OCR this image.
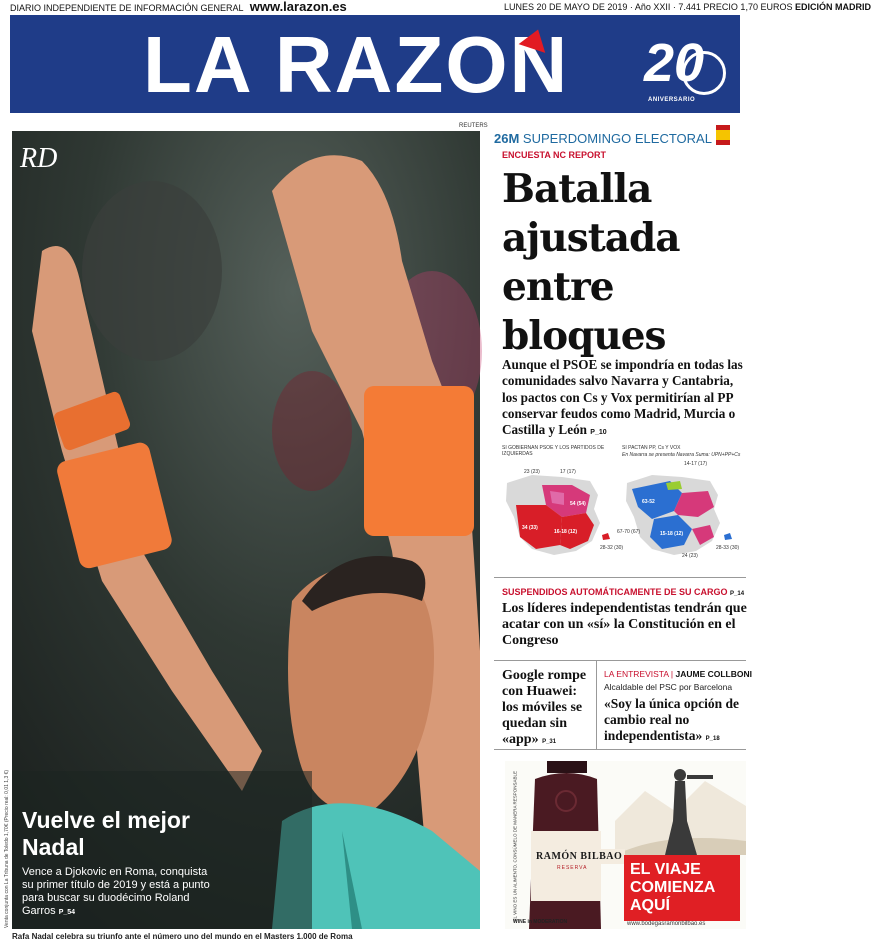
DIARIO INDEPENDIENTE DE INFORMACIÓN GENERAL www.larazon.es	LUNES 20 DE MAYO DE 2019 · Año XXII · 7.441 PRECIO 1,70 EUROS EDICIÓN MADRID
LA RAZON 20
ANIVERSARIO
REUTERS
RD
Vuelve el mejor Nadal
Vence a Djokovic en Roma, conquista su primer título de 2019 y está a punto para buscar su duodécimo Roland Garros P_54
Rafa Nadal celebra su triunfo ante el número uno del mundo en el Masters 1.000 de Roma
Venta conjunta con La Tribuna de Toledo 1,70€ (Precio real: 0,01 1,3 €)
26M SUPERDOMINGO ELECTORAL
ENCUESTA NC REPORT
Batalla ajustada entre bloques
Aunque el PSOE se impondría en todas las comunidades salvo Navarra y Cantabria, los pactos con Cs y Vox permitirían al PP conservar feudos como Madrid, Murcia o Castilla y León P_10
SI GOBIERNAN PSOE Y LOS PARTIDOS DE IZQUIERDAS
SI PACTAN PP, Cs Y VOX
En Navarra se presenta Navarra Suma: UPN+PP+Cs
23 (23)	17 (17)
54 (54)
34 (33)
16-18 (12)
28-32 (30)
14-17 (17)
63-52
67-70 (67)	15-18 (12)
24 (23)
28-33 (30)
SUSPENDIDOS AUTOMÁTICAMENTE DE SU CARGO P_14
Los líderes independentistas tendrán que acatar con un «sí» la Constitución en el Congreso
Google rompe con Huawei: los móviles se quedan sin «app» P_31
LA ENTREVISTA | JAUME COLLBONI
Alcaldable del PSC por Barcelona
«Soy la única opción de cambio real no independentista» P_18
EL VINO ES UN ALIMENTO. CONSÚMELO DE MANERA RESPONSABLE	RAMÓN BILBAO
RESERVA	EL VIAJE COMIENZA AQUÍ
www.bodegasramonbilbao.es
WINE in MODERATION
